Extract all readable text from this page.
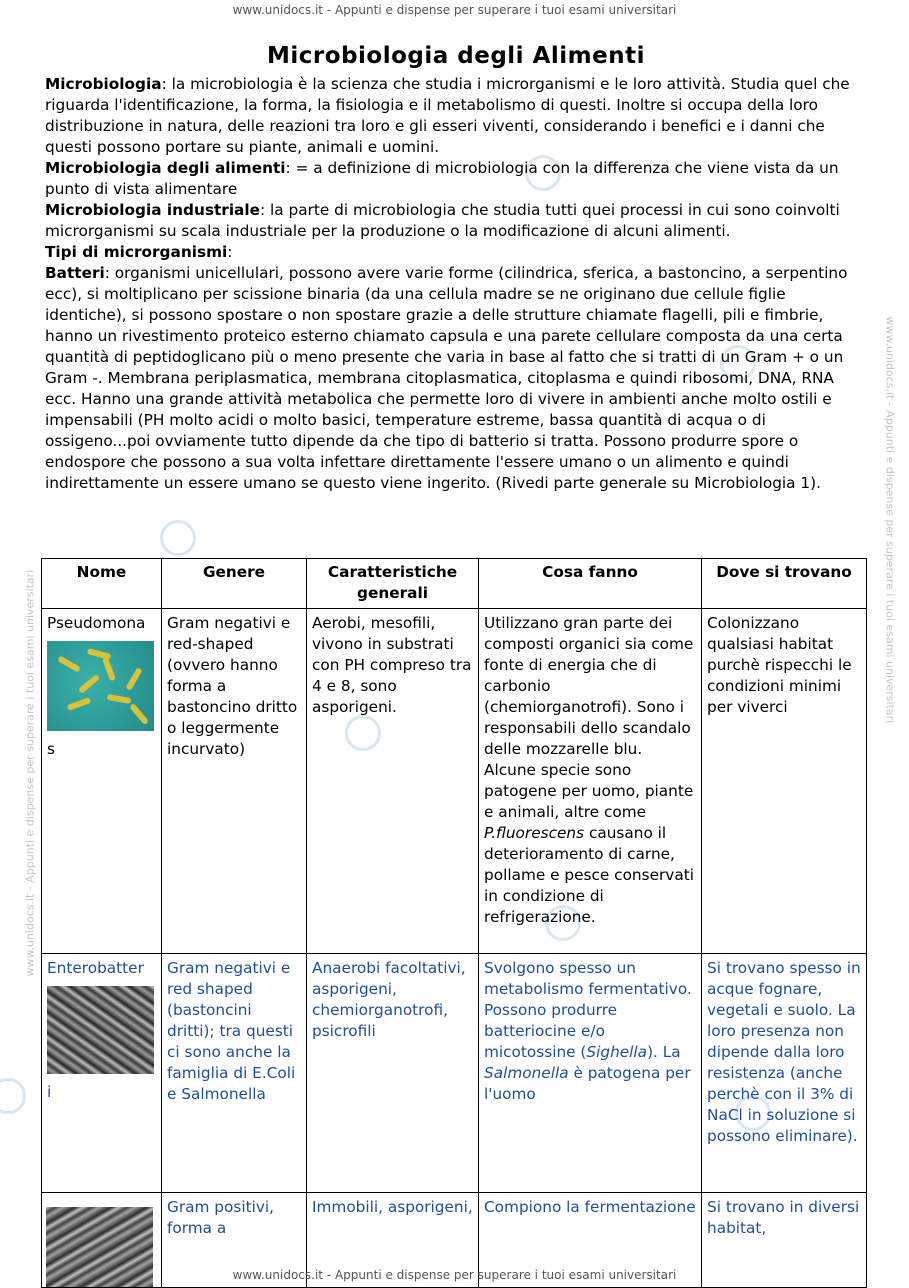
www.unidocs.it - Appunti e dispense per superare i tuoi esami universitari
www.unidocs.it - Appunti e dispense per superare i tuoi esami universitari
www.unidocs.it - Appunti e dispense per superare i tuoi esami universitari
Microbiologia degli Alimenti

Microbiologia: la microbiologia è la scienza che studia i microrganismi e le loro attività. Studia quel che riguarda l'identificazione, la forma, la fisiologia e il metabolismo di questi. Inoltre si occupa della loro distribuzione in natura, delle reazioni tra loro e gli esseri viventi, considerando i benefici e i danni che questi possono portare su piante, animali e uomini.

Microbiologia degli alimenti: = a definizione di microbiologia con la differenza che viene vista da un punto di vista alimentare

Microbiologia industriale: la parte di microbiologia che studia tutti quei processi in cui sono coinvolti microrganismi su scala industriale per la produzione o la modificazione di alcuni alimenti.

Tipi di microrganismi:

Batteri: organismi unicellulari, possono avere varie forme (cilindrica, sferica, a bastoncino, a serpentino ecc), si moltiplicano per scissione binaria (da una cellula madre se ne originano due cellule figlie identiche), si possono spostare o non spostare grazie a delle strutture chiamate flagelli, pili e fimbrie, hanno un rivestimento proteico esterno chiamato capsula e una parete cellulare composta da una certa quantità di peptidoglicano più o meno presente che varia in base al fatto che si tratti di un Gram + o un Gram -. Membrana periplasmatica, membrana citoplasmatica, citoplasma e quindi ribosomi, DNA, RNA ecc. Hanno una grande attività metabolica che permette loro di vivere in ambienti anche molto ostili e impensabili (PH molto acidi o molto basici, temperature estreme, bassa quantità di acqua o di ossigeno...poi ovviamente tutto dipende da che tipo di batterio si tratta. Possono produrre spore o endospore che possono a sua volta infettare direttamente l'essere umano o un alimento e quindi indirettamente un essere umano se questo viene ingerito. (Rivedi parte generale su Microbiologia 1).

Nome	Genere	Caratteristiche generali	Cosa fanno	Dove si trovano

Pseudomona
s	Gram negativi e red-shaped (ovvero hanno forma a bastoncino dritto o leggermente incurvato)	Aerobi, mesofili, vivono in substrati con PH compreso tra 4 e 8, sono asporigeni.	Utilizzano gran parte dei composti organici sia come fonte di energia che di carbonio (chemiorganotrofi). Sono i responsabili dello scandalo delle mozzarelle blu. Alcune specie sono patogene per uomo, piante e animali, altre come P.fluorescens causano il deterioramento di carne, pollame e pesce conservati in condizione di refrigerazione.	Colonizzano qualsiasi habitat purchè rispecchi le condizioni minimi per viverci

Enterobatter
i	Gram negativi e red shaped (bastoncini dritti); tra questi ci sono anche la famiglia di E.Coli e Salmonella	Anaerobi facoltativi, asporigeni, chemiorganotrofi, psicrofili	Svolgono spesso un metabolismo fermentativo. Possono produrre batteriocine e/o micotossine (Sighella). La Salmonella è patogena per l'uomo	Si trovano spesso in acque fognare, vegetali e suolo. La loro presenza non dipende dalla loro resistenza (anche perchè con il 3% di NaCl in soluzione si possono eliminare).

	Gram positivi, forma a	Immobili, asporigeni,	Compiono la fermentazione	Si trovano in diversi habitat,
www.unidocs.it - Appunti e dispense per superare i tuoi esami universitari
